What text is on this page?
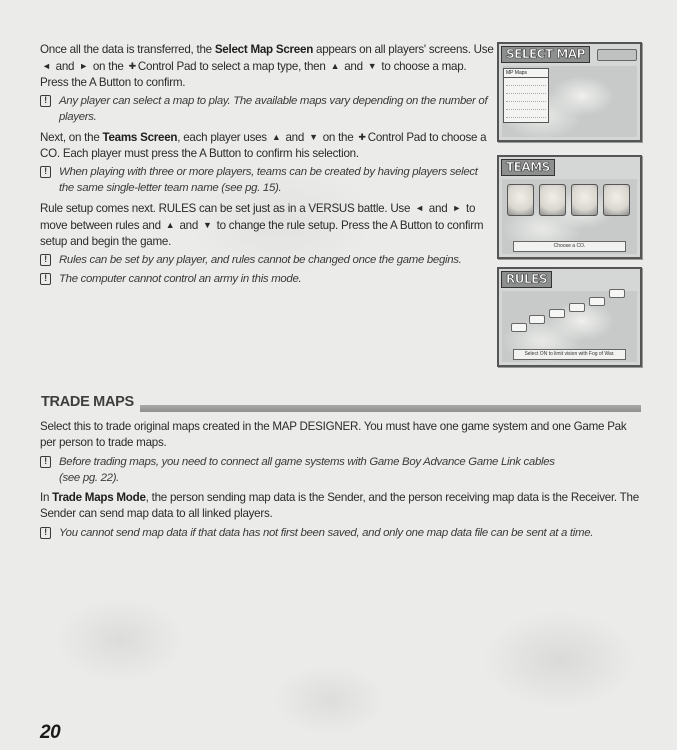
Once all the data is transferred, the Select Map Screen appears on all players' screens. Use ◄ and ► on the ✚ Control Pad to select a map type, then ▲ and ▼ to choose a map. Press the A Button to confirm.

!	Any player can select a map to play. The available maps vary depending on the number of players.

Next, on the Teams Screen, each player uses ▲ and ▼ on the ✚ Control Pad to choose a CO. Each player must press the A Button to confirm his selection.

!	When playing with three or more players, teams can be created by having players select the same single-letter team name (see pg. 15).

Rule setup comes next. RULES can be set just as in a VERSUS battle. Use ◄ and ► to move between rules and ▲ and ▼ to change the rule setup. Press the A Button to confirm setup and begin the game.

!	Rules can be set by any player, and rules cannot be changed once the game begins.

!	The computer cannot control an army in this mode.

SELECT MAP
MP Maps
TEAMS
Choose a CO.
RULES
Select ON to limit vision with Fog of War.
TRADE MAPS

Select this to trade original maps created in the MAP DESIGNER. You must have one game system and one Game Pak per person to trade maps.

!	Before trading maps, you need to connect all game systems with Game Boy Advance Game Link cables (see pg. 22).

In Trade Maps Mode, the person sending map data is the Sender, and the person receiving map data is the Receiver. The Sender can send map data to all linked players.

!	You cannot send map data if that data has not first been saved, and only one map data file can be sent at a time.

20
